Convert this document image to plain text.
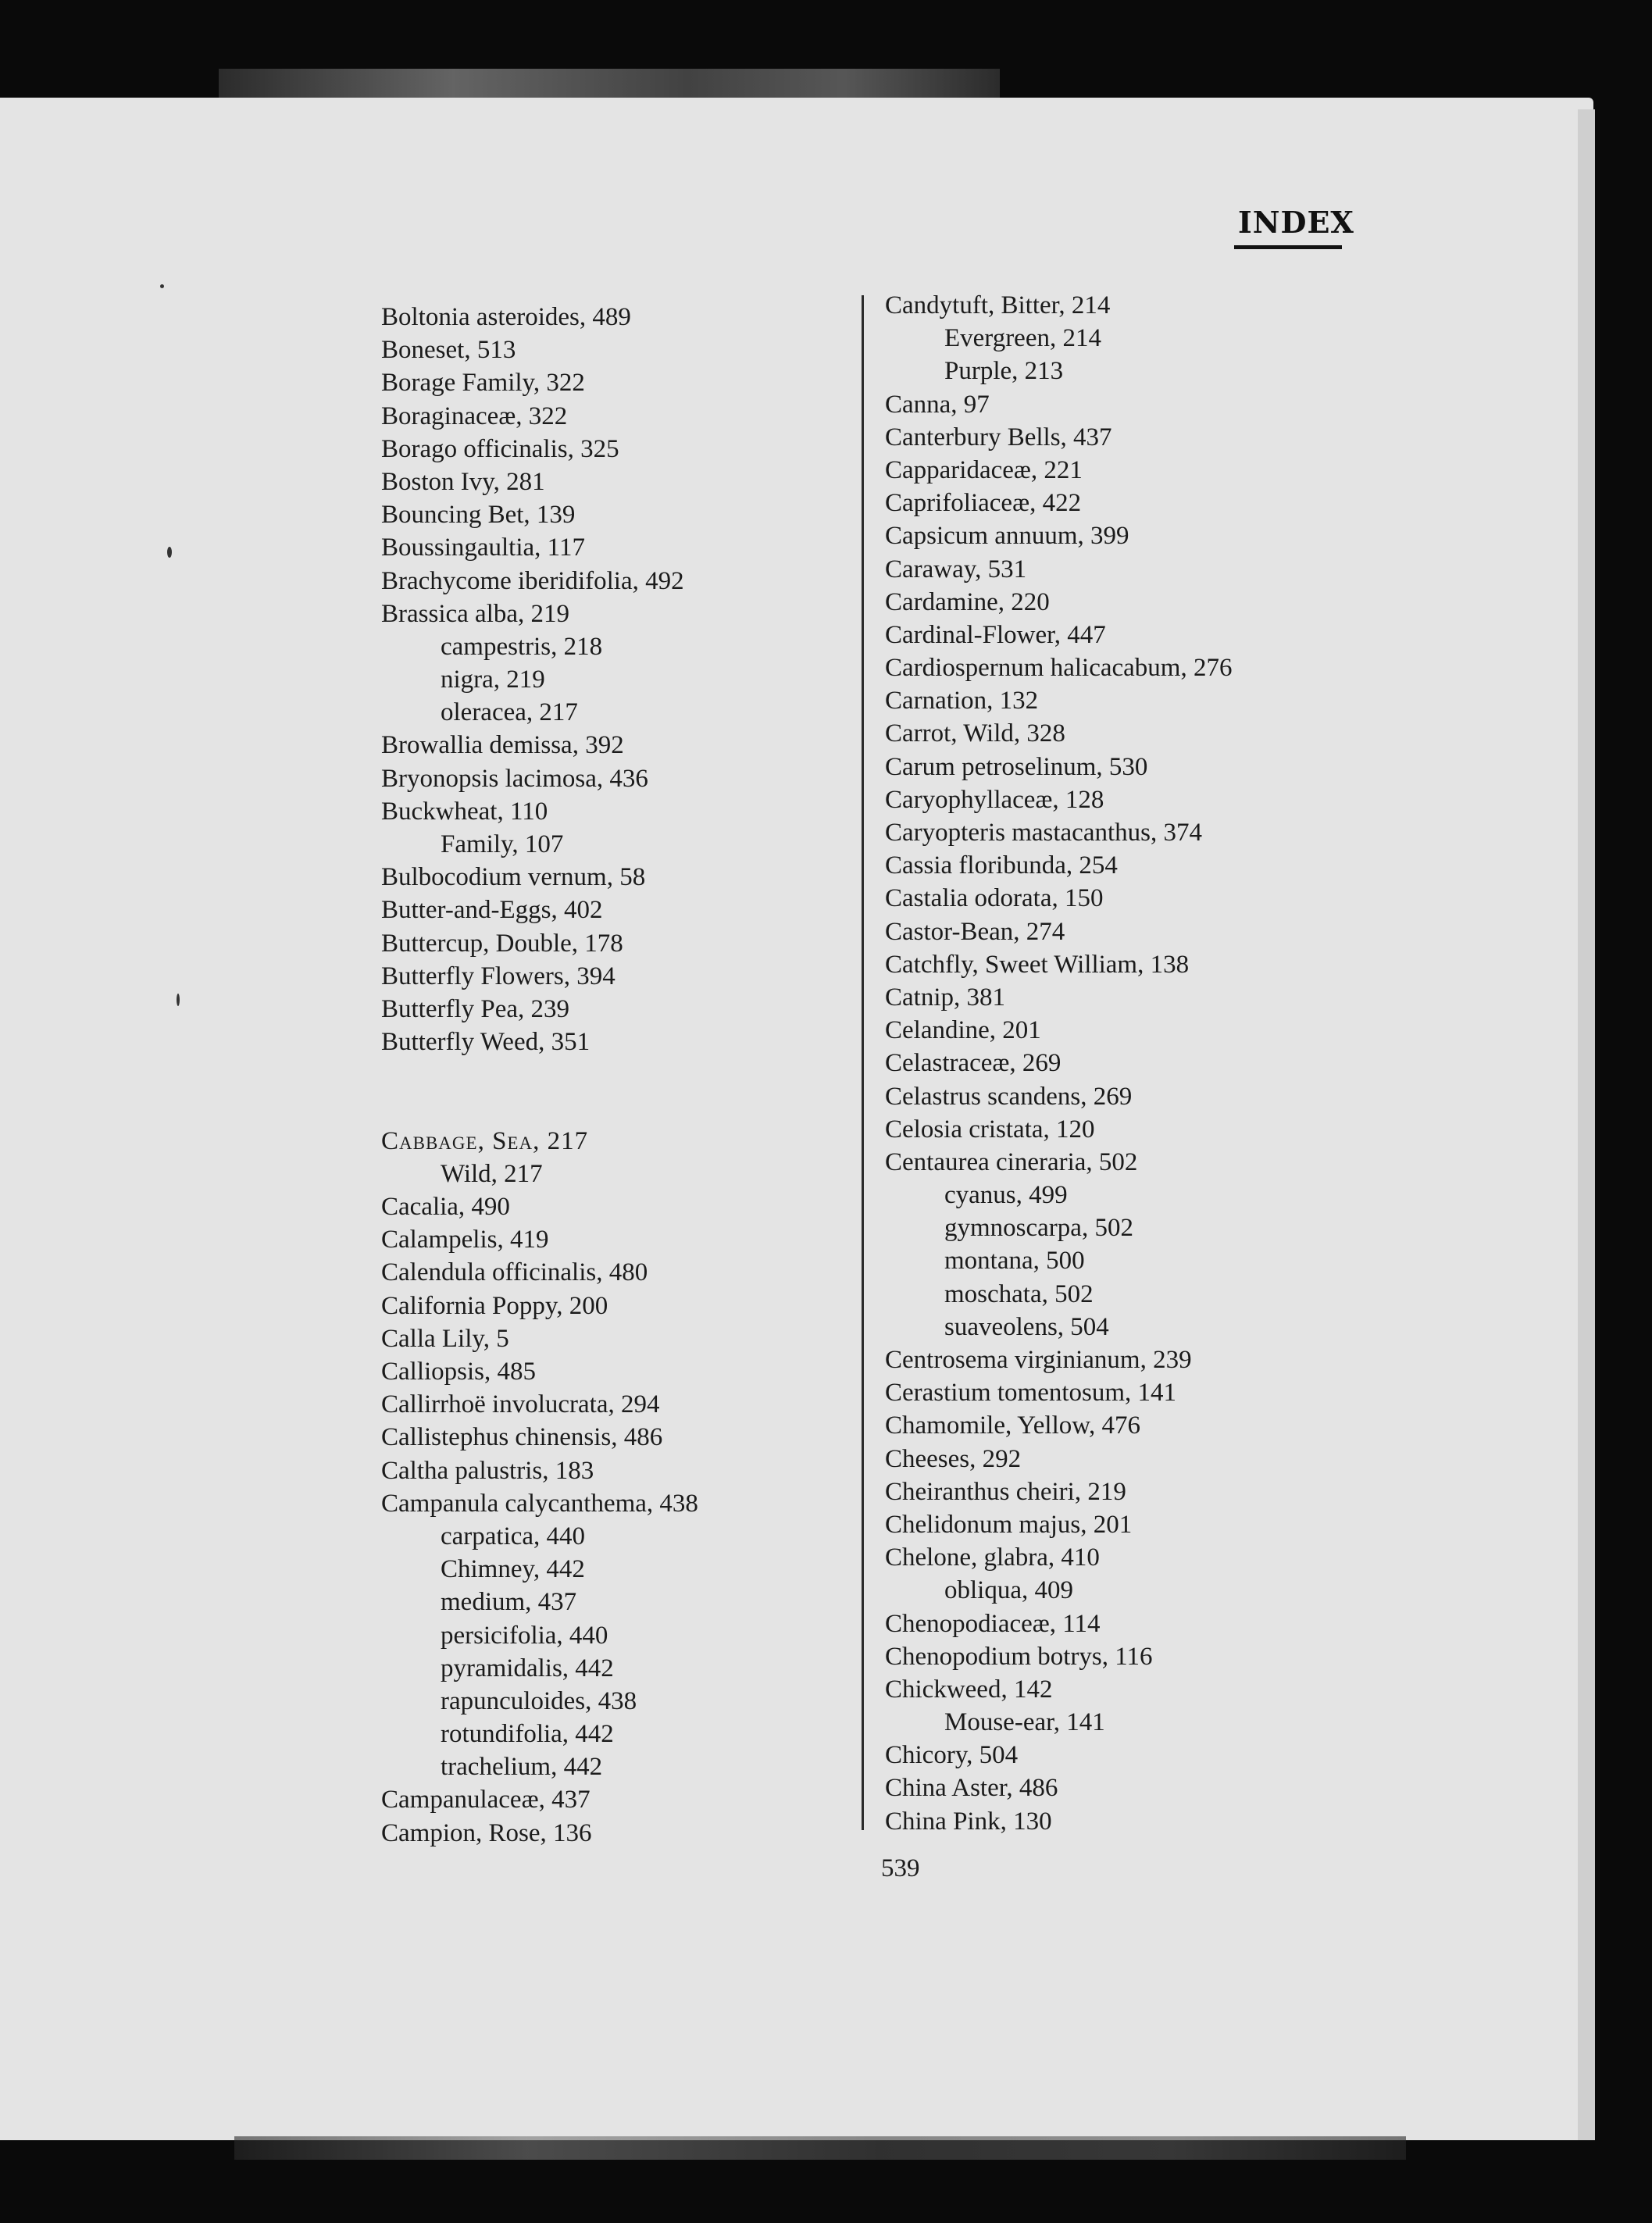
INDEX
Boltonia asteroides, 489
Boneset, 513
Borage Family, 322
Boraginaceæ, 322
Borago officinalis, 325
Boston Ivy, 281
Bouncing Bet, 139
Boussingaultia, 117
Brachycome iberidifolia, 492
Brassica alba, 219
campestris, 218
nigra, 219
oleracea, 217
Browallia demissa, 392
Bryonopsis lacimosa, 436
Buckwheat, 110
Family, 107
Bulbocodium vernum, 58
Butter-and-Eggs, 402
Buttercup, Double, 178
Butterfly Flowers, 394
Butterfly Pea, 239
Butterfly Weed, 351
Cabbage, Sea, 217
Wild, 217
Cacalia, 490
Calampelis, 419
Calendula officinalis, 480
California Poppy, 200
Calla Lily, 5
Calliopsis, 485
Callirrhoë involucrata, 294
Callistephus chinensis, 486
Caltha palustris, 183
Campanula calycanthema, 438
carpatica, 440
Chimney, 442
medium, 437
persicifolia, 440
pyramidalis, 442
rapunculoides, 438
rotundifolia, 442
trachelium, 442
Campanulaceæ, 437
Campion, Rose, 136
Candytuft, Bitter, 214
Evergreen, 214
Purple, 213
Canna, 97
Canterbury Bells, 437
Capparidaceæ, 221
Caprifoliaceæ, 422
Capsicum annuum, 399
Caraway, 531
Cardamine, 220
Cardinal-Flower, 447
Cardiospernum halicacabum, 276
Carnation, 132
Carrot, Wild, 328
Carum petroselinum, 530
Caryophyllaceæ, 128
Caryopteris mastacanthus, 374
Cassia floribunda, 254
Castalia odorata, 150
Castor-Bean, 274
Catchfly, Sweet William, 138
Catnip, 381
Celandine, 201
Celastraceæ, 269
Celastrus scandens, 269
Celosia cristata, 120
Centaurea cineraria, 502
cyanus, 499
gymnoscarpa, 502
montana, 500
moschata, 502
suaveolens, 504
Centrosema virginianum, 239
Cerastium tomentosum, 141
Chamomile, Yellow, 476
Cheeses, 292
Cheiranthus cheiri, 219
Chelidonum majus, 201
Chelone, glabra, 410
obliqua, 409
Chenopodiaceæ, 114
Chenopodium botrys, 116
Chickweed, 142
Mouse-ear, 141
Chicory, 504
China Aster, 486
China Pink, 130
539
